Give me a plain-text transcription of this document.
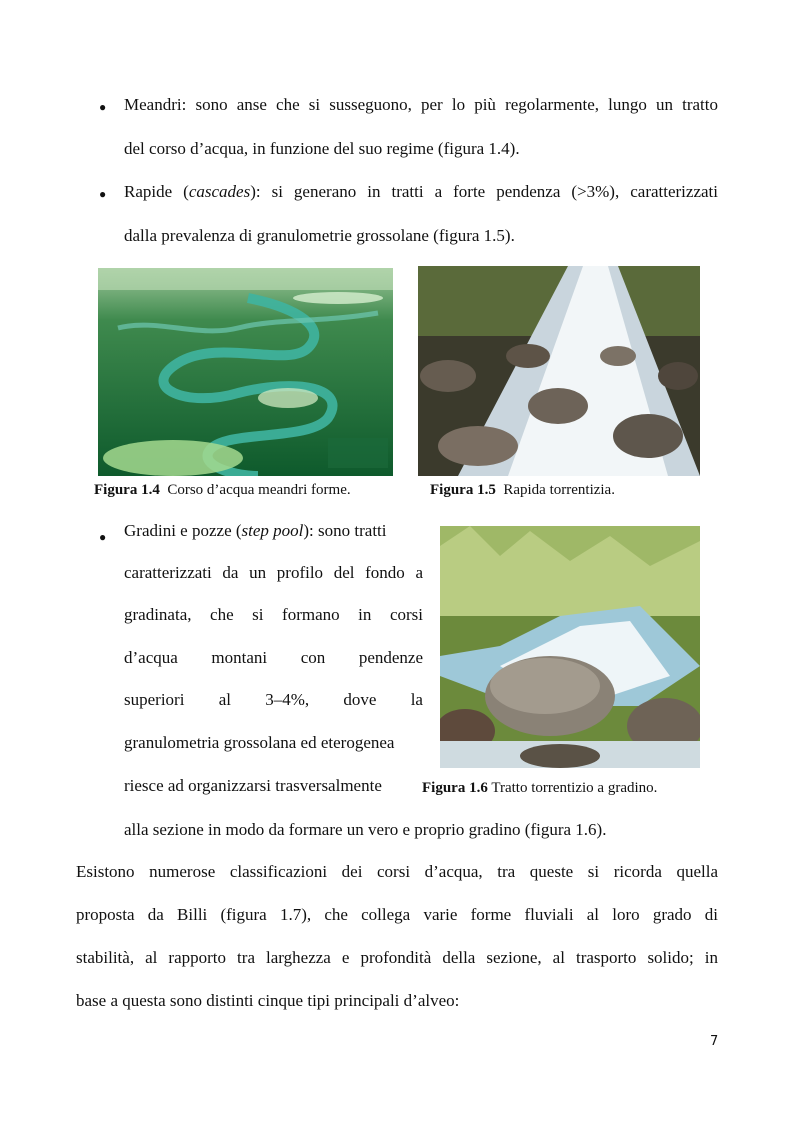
● Meandri: sono anse che si susseguono, per lo più regolarmente, lungo un tratto
del corso d’acqua, in funzione del suo regime (figura 1.4).
● Rapide (cascades): si generano in tratti a forte pendenza (>3%), caratterizzati
dalla prevalenza di granulometrie grossolane (figura 1.5).
Figura 1.4 Corso d’acqua meandri forme.	Figura 1.5 Rapida torrentizia.
● Gradini e pozze (step pool): sono tratti
caratterizzati da un profilo del fondo a
gradinata, che si formano in corsi
d’acqua montani con pendenze
superiori al 3–4%, dove la
granulometria grossolana ed eterogenea
riesce ad organizzarsi trasversalmente	Figura 1.6 Tratto torrentizio a gradino.
alla sezione in modo da formare un vero e proprio gradino (figura 1.6).
Esistono numerose classificazioni dei corsi d’acqua, tra queste si ricorda quella
proposta da Billi (figura 1.7), che collega varie forme fluviali al loro grado di
stabilità, al rapporto tra larghezza e profondità della sezione, al trasporto solido; in
base a questa sono distinti cinque tipi principali d’alveo:
7
